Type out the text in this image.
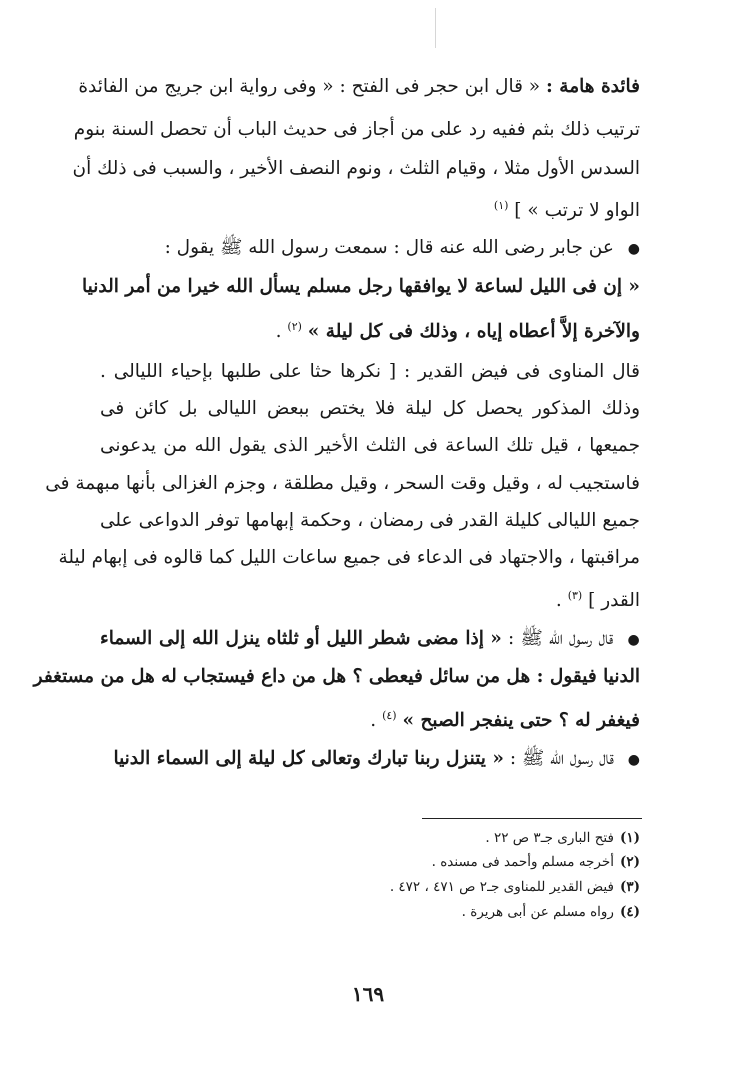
فائدة هامة : « قال ابن حجر فى الفتح : « وفى رواية ابن جريج من الفائدة
ترتيب ذلك بثم ففيه رد على من أجاز فى حديث الباب أن تحصل السنة بنوم
السدس الأول مثلا ، وقيام الثلث ، ونوم النصف الأخير ، والسبب فى ذلك أن
الواو لا ترتب » ] $^{(١)}$
● عن جابر رضى الله عنه قال : سمعت رسول الله ﷺ يقول :
« إن فى الليل لساعة لا يوافقها رجل مسلم يسأل الله خيرا من أمر الدنيا
والآخرة إلاَّ أعطاه إياه ، وذلك فى كل ليلة » $^{(٢)}$ .
قال المناوى فى فيض القدير : [ نكرها حثا على طلبها بإحياء الليالى .
وذلك المذكور يحصل كل ليلة فلا يختص ببعض الليالى بل كائن فى
جميعها ، قيل تلك الساعة فى الثلث الأخير الذى يقول الله من يدعونى
فاستجيب له ، وقيل وقت السحر ، وقيل مطلقة ، وجزم الغزالى بأنها مبهمة فى
جميع الليالى كليلة القدر فى رمضان ، وحكمة إبهامها توفر الدواعى على
مراقبتها ، والاجتهاد فى الدعاء فى جميع ساعات الليل كما قالوه فى إبهام ليلة
القدر ] $^{(٣)}$ .
● قال رسول الله ﷺ : « إذا مضى شطر الليل أو ثلثاه ينزل الله إلى السماء
الدنيا فيقول : هل من سائل فيعطى ؟ هل من داع فيستجاب له هل من مستغفر
فيغفر له ؟ حتى ينفجر الصبح » $^{(٤)}$ .
● قال رسول الله ﷺ : « يتنزل ربنا تبارك وتعالى كل ليلة إلى السماء الدنيا
(١)فتح البارى جـ٣ ص ٢٢ .
(٢)أخرجه مسلم وأحمد فى مسنده .
(٣)فيض القدير للمناوى جـ٢ ص ٤٧١ ، ٤٧٢ .
(٤)رواه مسلم عن أبى هريرة .
١٦٩
